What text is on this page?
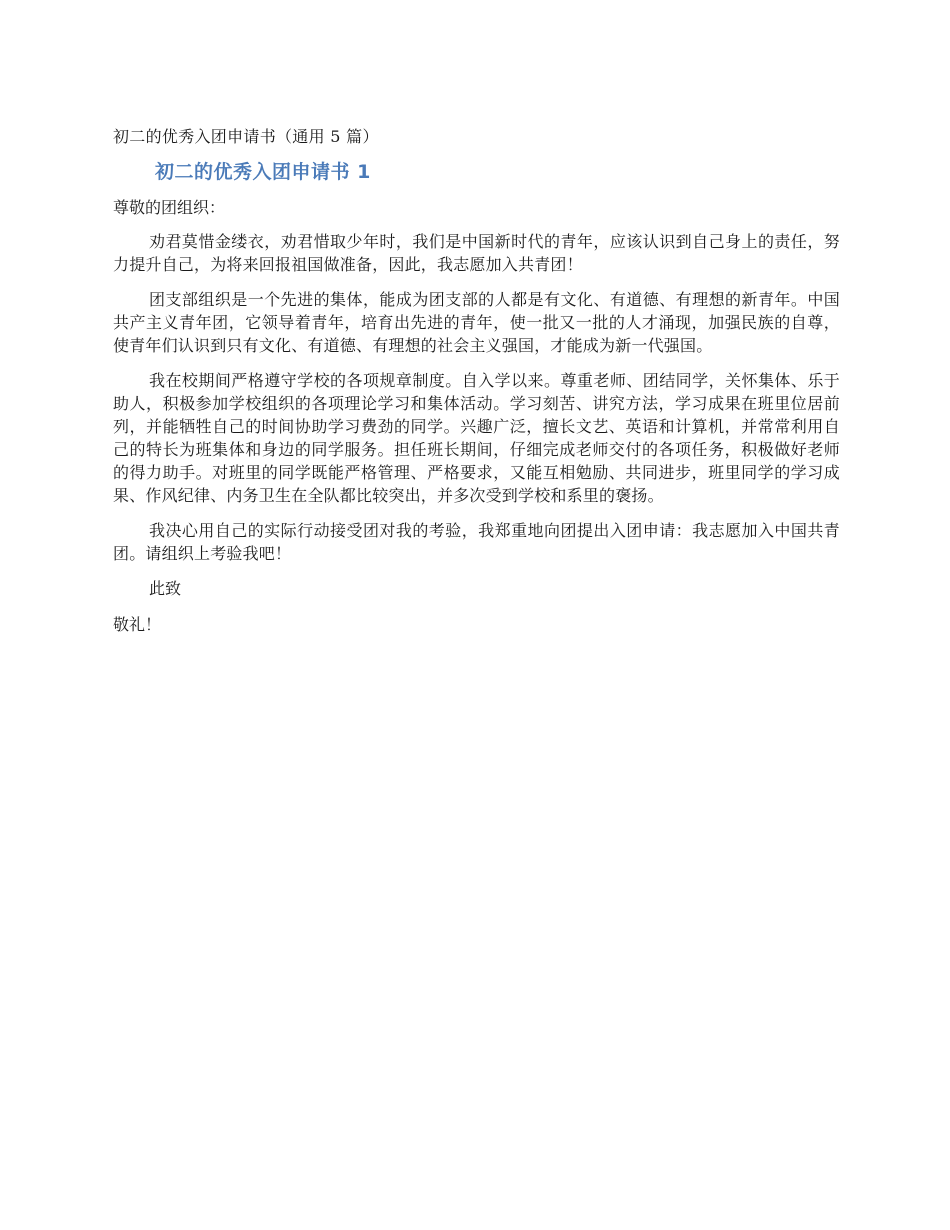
初二的优秀入团申请书（通用 5 篇）
初二的优秀入团申请书 1
尊敬的团组织：

劝君莫惜金缕衣，劝君惜取少年时，我们是中国新时代的青年，应该认识到自己身上的责任，努力提升自己，为将来回报祖国做准备，因此，我志愿加入共青团！

团支部组织是一个先进的集体，能成为团支部的人都是有文化、有道德、有理想的新青年。中国共产主义青年团，它领导着青年，培育出先进的青年，使一批又一批的人才涌现，加强民族的自尊，使青年们认识到只有文化、有道德、有理想的社会主义强国，才能成为新一代强国。

我在校期间严格遵守学校的各项规章制度。自入学以来。尊重老师、团结同学，关怀集体、乐于助人，积极参加学校组织的各项理论学习和集体活动。学习刻苦、讲究方法，学习成果在班里位居前列，并能牺牲自己的时间协助学习费劲的同学。兴趣广泛，擅长文艺、英语和计算机，并常常利用自己的特长为班集体和身边的同学服务。担任班长期间，仔细完成老师交付的各项任务，积极做好老师的得力助手。对班里的同学既能严格管理、严格要求，又能互相勉励、共同进步，班里同学的学习成果、作风纪律、内务卫生在全队都比较突出，并多次受到学校和系里的褒扬。

我决心用自己的实际行动接受团对我的考验，我郑重地向团提出入团申请：我志愿加入中国共青团。请组织上考验我吧！

此致
敬礼！
